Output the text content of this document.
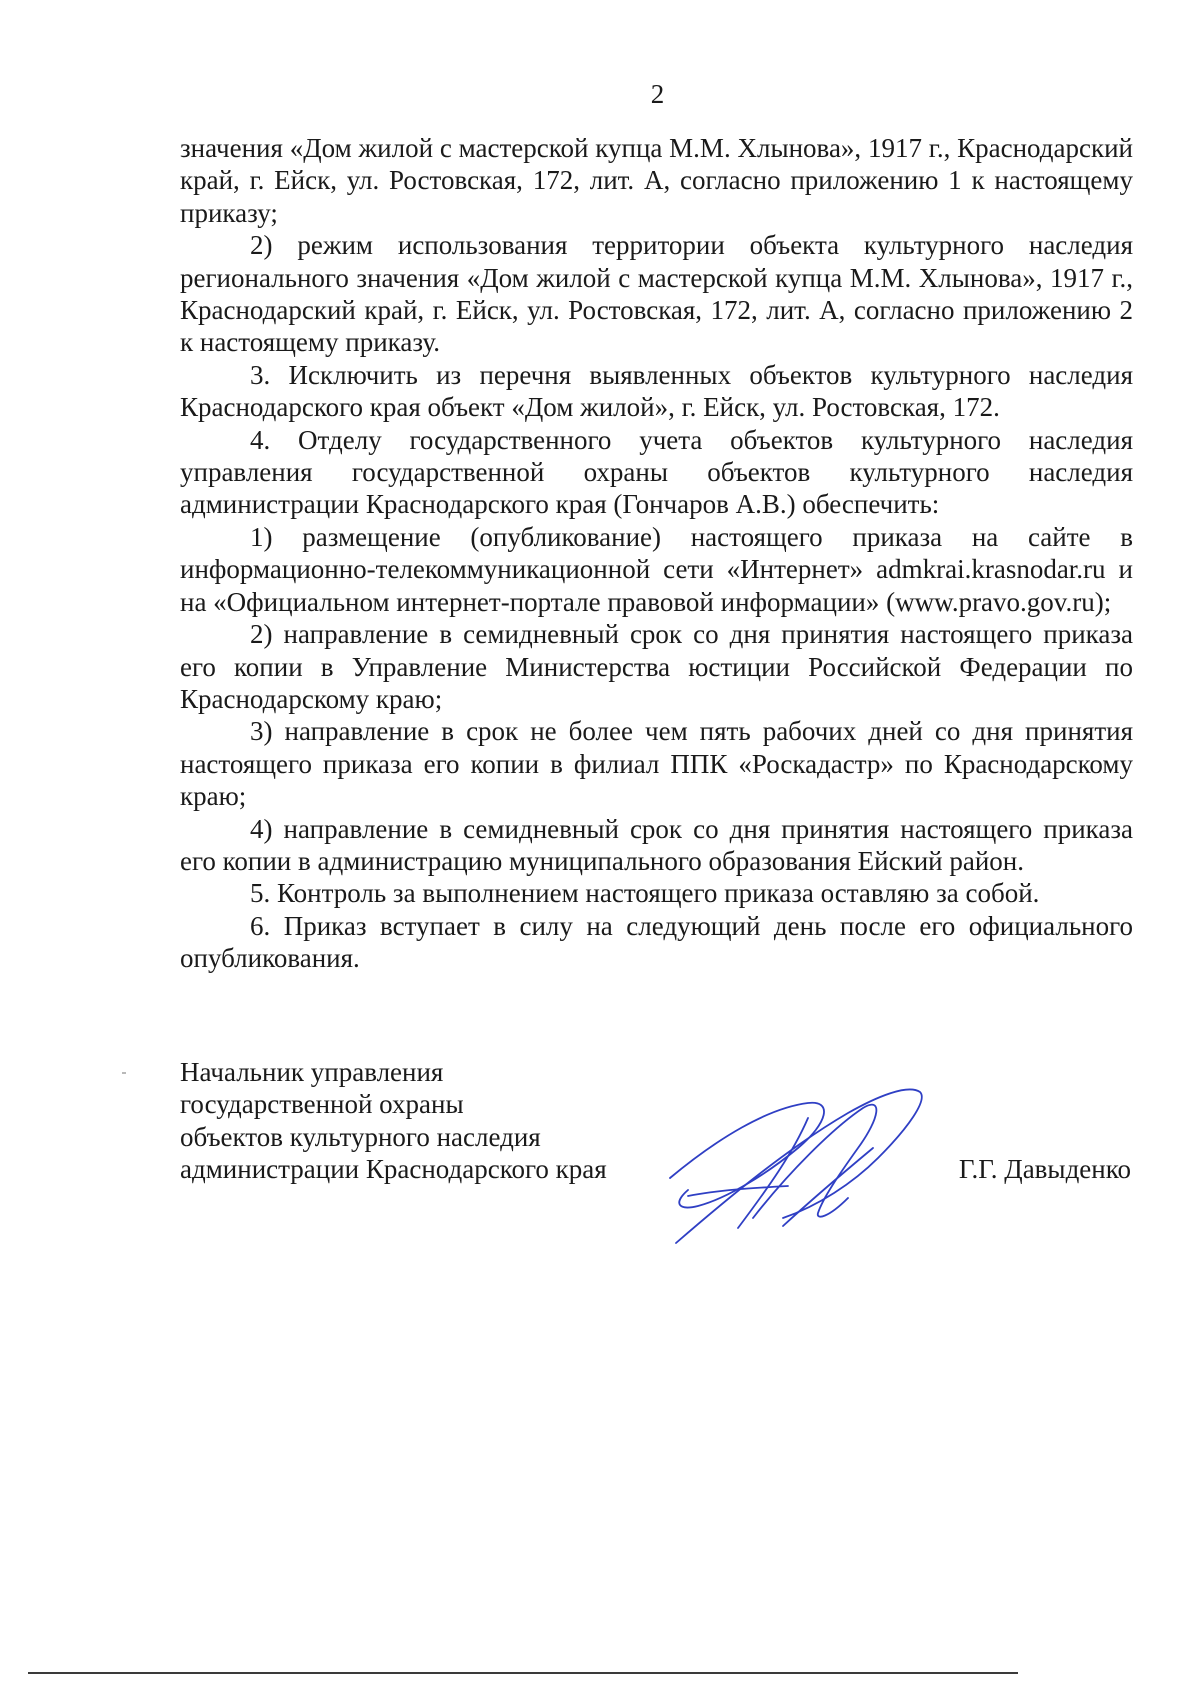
2

значения «Дом жилой с мастерской купца М.М. Хлынова», 1917 г., Краснодарский край, г. Ейск, ул. Ростовская, 172, лит. А, согласно приложению 1 к настоящему приказу;

2) режим использования территории объекта культурного наследия регионального значения «Дом жилой с мастерской купца М.М. Хлынова», 1917 г., Краснодарский край, г. Ейск, ул. Ростовская, 172, лит. А, согласно приложению 2 к настоящему приказу.

3. Исключить из перечня выявленных объектов культурного наследия Краснодарского края объект «Дом жилой», г. Ейск, ул. Ростовская, 172.

4. Отделу государственного учета объектов культурного наследия управления государственной охраны объектов культурного наследия администрации Краснодарского края (Гончаров А.В.) обеспечить:

1) размещение (опубликование) настоящего приказа на сайте в информационно-телекоммуникационной сети «Интернет» admkrai.krasnodar.ru и на «Официальном интернет-портале правовой информации» (www.pravo.gov.ru);

2) направление в семидневный срок со дня принятия настоящего приказа его копии в Управление Министерства юстиции Российской Федерации по Краснодарскому краю;

3) направление в срок не более чем пять рабочих дней со дня принятия настоящего приказа его копии в филиал ППК «Роскадастр» по Краснодарскому краю;

4) направление в семидневный срок со дня принятия настоящего приказа его копии в администрацию муниципального образования Ейский район.

5. Контроль за выполнением настоящего приказа оставляю за собой.

6. Приказ вступает в силу на следующий день после его официального опубликования.

Начальник управления
государственной охраны
объектов культурного наследия
администрации Краснодарского края	Г.Г. Давыденко
